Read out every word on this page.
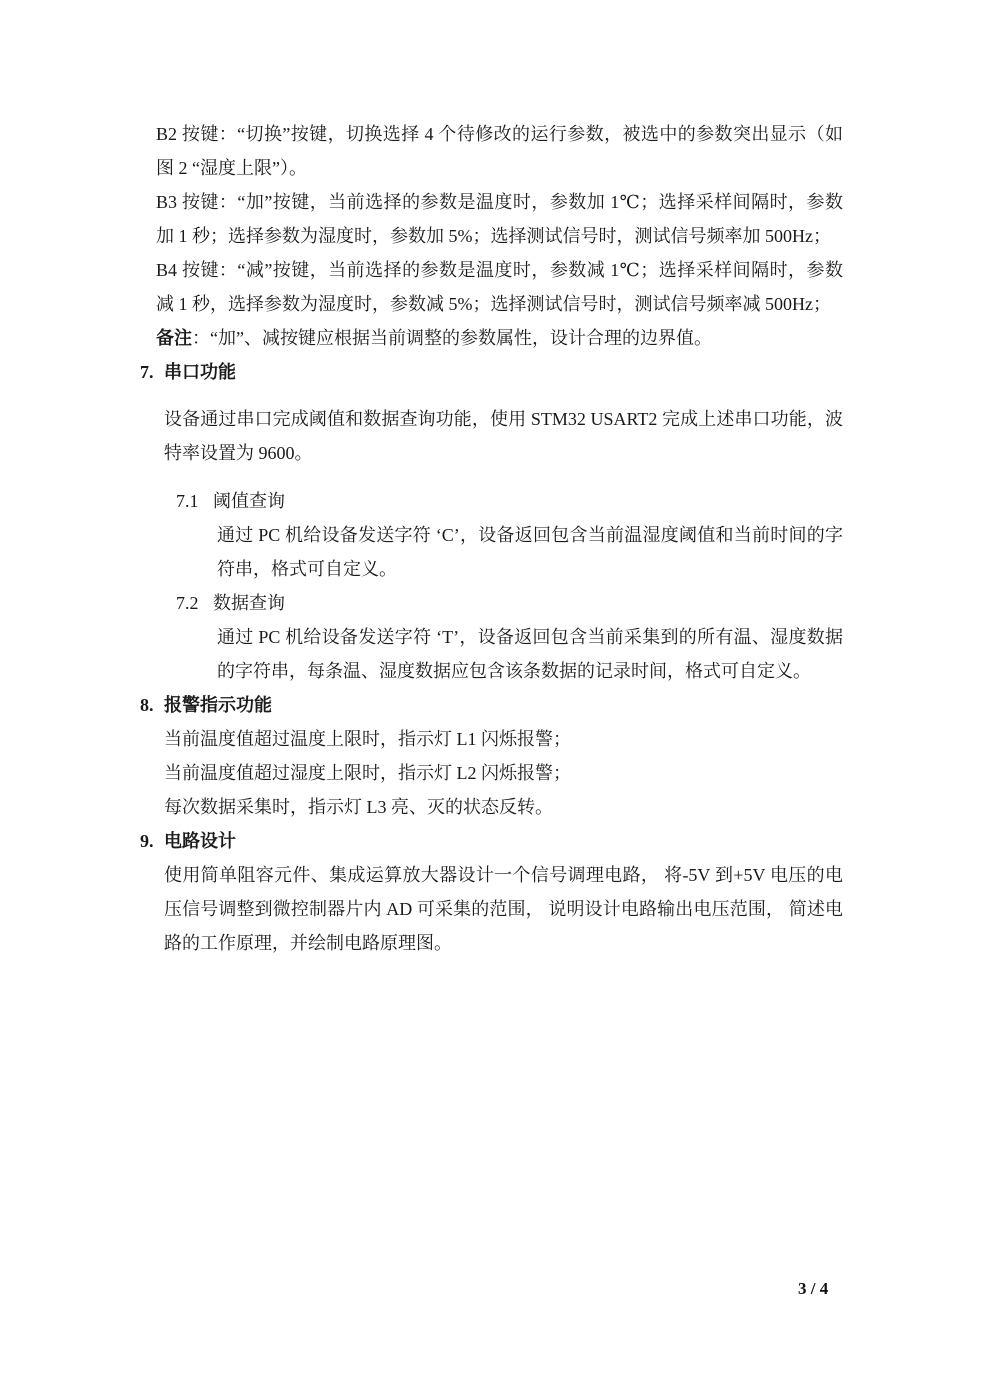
B2 按键：“切换”按键，切换选择 4 个待修改的运行参数，被选中的参数突出显示（如图 2 “湿度上限”）。

B3 按键：“加”按键，当前选择的参数是温度时，参数加 1℃；选择采样间隔时，参数加 1 秒；选择参数为湿度时，参数加 5%；选择测试信号时，测试信号频率加 500Hz；

B4 按键：“减”按键，当前选择的参数是温度时，参数减 1℃；选择采样间隔时，参数减 1 秒，选择参数为湿度时，参数减 5%；选择测试信号时，测试信号频率减 500Hz；

备注：“加”、减按键应根据当前调整的参数属性，设计合理的边界值。

7. 串口功能

设备通过串口完成阈值和数据查询功能，使用 STM32 USART2 完成上述串口功能，波特率设置为 9600。

7.1 阈值查询

通过 PC 机给设备发送字符 ‘C’，设备返回包含当前温湿度阈值和当前时间的字符串，格式可自定义。

7.2 数据查询

通过 PC 机给设备发送字符 ‘T’，设备返回包含当前采集到的所有温、湿度数据的字符串，每条温、湿度数据应包含该条数据的记录时间，格式可自定义。

8. 报警指示功能

当前温度值超过温度上限时，指示灯 L1 闪烁报警；

当前温度值超过湿度上限时，指示灯 L2 闪烁报警；

每次数据采集时，指示灯 L3 亮、灭的状态反转。

9. 电路设计

使用简单阻容元件、集成运算放大器设计一个信号调理电路， 将-5V 到+5V 电压的电压信号调整到微控制器片内 AD 可采集的范围， 说明设计电路输出电压范围， 简述电路的工作原理，并绘制电路原理图。

3 / 4
